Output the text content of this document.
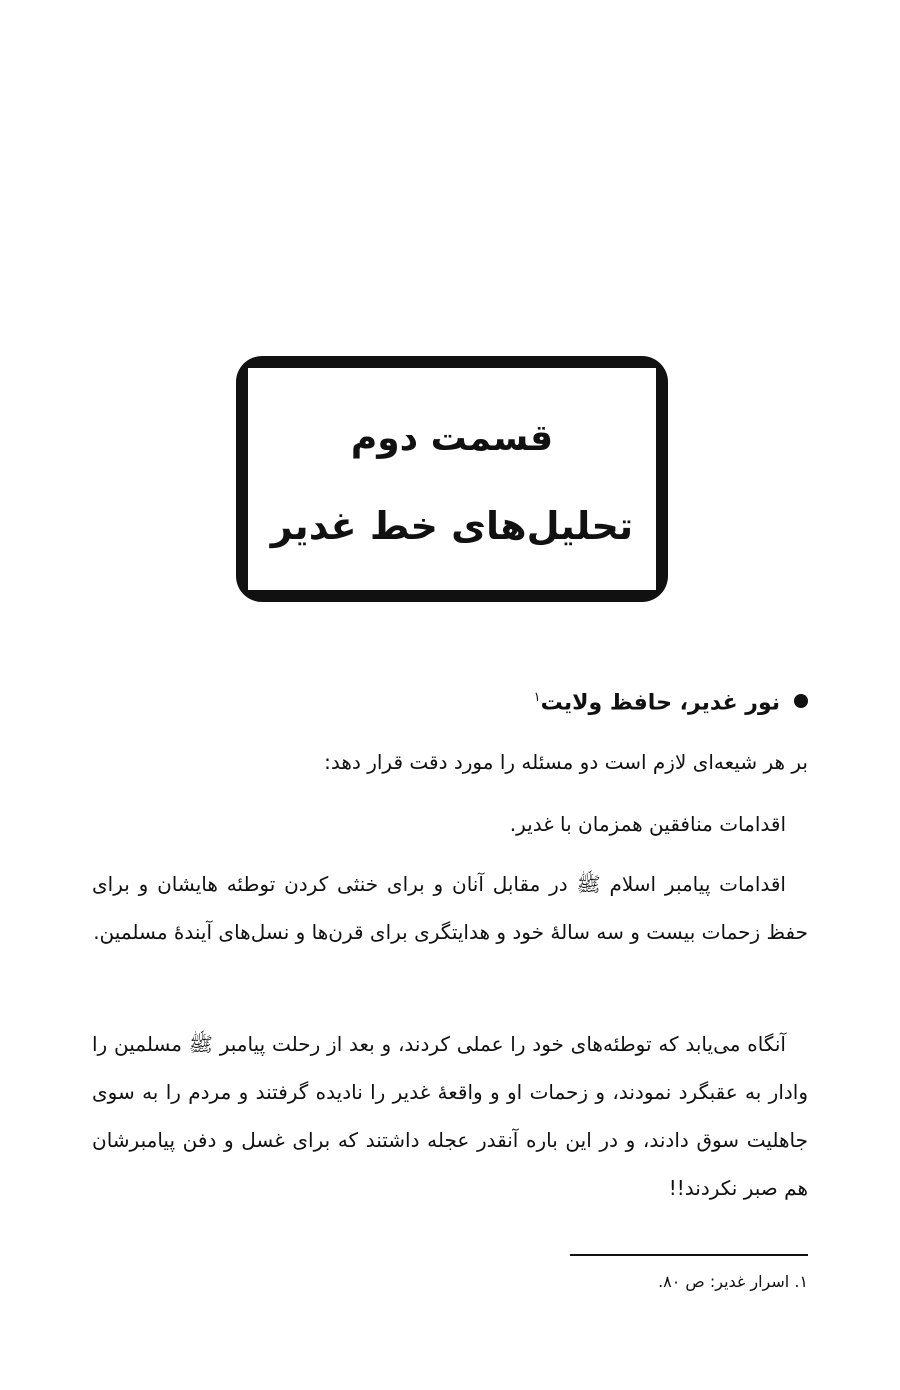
قسمت دوم
تحلیل‌های خط غدیر
نور غدیر، حافظ ولایت$^۱$
بر هر شیعه‌ای لازم است دو مسئله را مورد دقت قرار دهد:
اقدامات منافقین همزمان با غدیر.
اقدامات پیامبر اسلام ﷺ در مقابل آنان و برای خنثی کردن توطئه هایشان و برای حفظ زحمات بیست و سه سالهٔ خود و هدایتگری برای قرن‌ها و نسل‌های آیندهٔ مسلمین.
آنگاه می‌یابد که توطئه‌های خود را عملی کردند، و بعد از رحلت پیامبر ﷺ مسلمین را وادار به عقبگرد نمودند، و زحمات او و واقعهٔ غدیر را نادیده گرفتند و مردم را به سوی جاهلیت سوق دادند، و در این باره آنقدر عجله داشتند که برای غسل و دفن پیامبرشان هم صبر نکردند!!
۱. اسرار غدیر: ص ۸۰.
